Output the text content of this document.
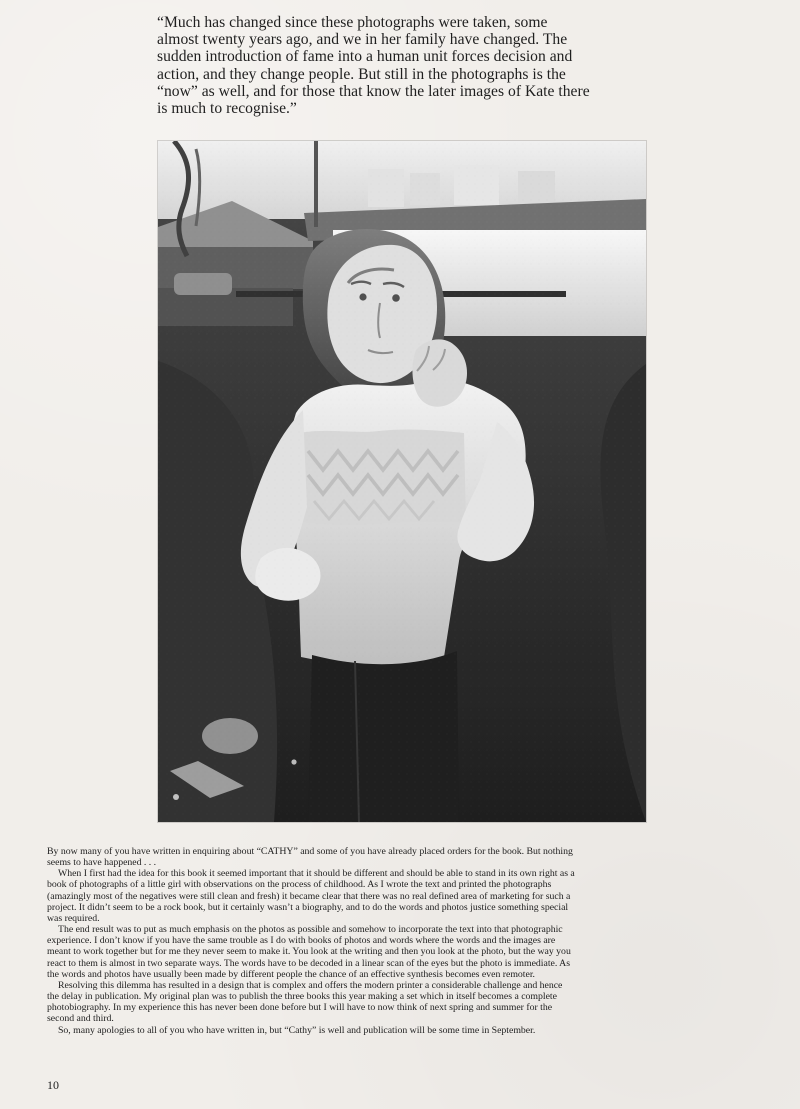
“Much has changed since these photographs were taken, some
almost twenty years ago, and we in her family have changed. The
sudden introduction of fame into a human unit forces decision and
action, and they change people. But still in the photographs is the
“now” as well, and for those that know the later images of Kate there
is much to recognise.”
By now many of you have written in enquiring about “CATHY” and some of you have already placed orders for the book. But nothing
seems to have happened . . .
When I first had the idea for this book it seemed important that it should be different and should be able to stand in its own right as a
book of photographs of a little girl with observations on the process of childhood. As I wrote the text and printed the photographs
(amazingly most of the negatives were still clean and fresh) it became clear that there was no real defined area of marketing for such a
project. It didn’t seem to be a rock book, but it certainly wasn’t a biography, and to do the words and photos justice something special
was required.
The end result was to put as much emphasis on the photos as possible and somehow to incorporate the text into that photographic
experience. I don’t know if you have the same trouble as I do with books of photos and words where the words and the images are
meant to work together but for me they never seem to make it. You look at the writing and then you look at the photo, but the way you
react to them is almost in two separate ways. The words have to be decoded in a linear scan of the eyes but the photo is immediate. As
the words and photos have usually been made by different people the chance of an effective synthesis becomes even remoter.
Resolving this dilemma has resulted in a design that is complex and offers the modern printer a considerable challenge and hence
the delay in publication. My original plan was to publish the three books this year making a set which in itself becomes a complete
photobiography. In my experience this has never been done before but I will have to now think of next spring and summer for the
second and third.
So, many apologies to all of you who have written in, but “Cathy” is well and publication will be some time in September.
10
